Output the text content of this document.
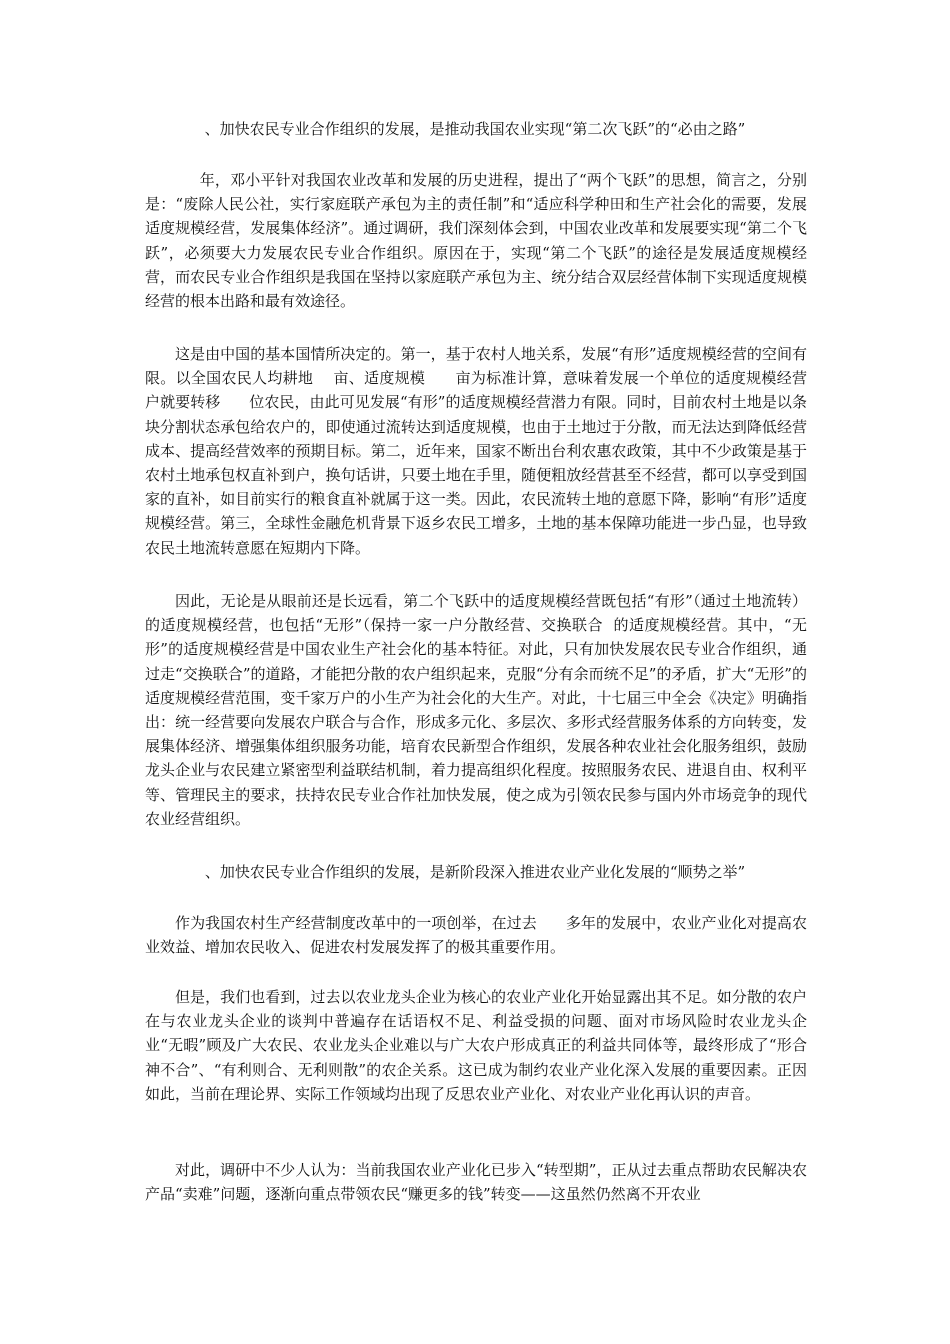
、加快农民专业合作组织的发展，是推动我国农业实现“第二次飞跃”的“必由之路”
年，邓小平针对我国农业改革和发展的历史进程，提出了“两个飞跃”的思想，简言之，分别是：“废除人民公社，实行家庭联产承包为主的责任制”和“适应科学种田和生产社会化的需要，发展适度规模经营，发展集体经济”。通过调研，我们深刻体会到，中国农业改革和发展要实现“第二个飞跃”，必须要大力发展农民专业合作组织。原因在于，实现“第二个飞跃”的途径是发展适度规模经营，而农民专业合作组织是我国在坚持以家庭联产承包为主、统分结合双层经营体制下实现适度规模经营的根本出路和最有效途径。
这是由中国的基本国情所决定的。第一，基于农村人地关系，发展“有形”适度规模经营的空间有限。以全国农民人均耕地    亩、适度规模      亩为标准计算，意味着发展一个单位的适度规模经营户就要转移      位农民，由此可见发展“有形”的适度规模经营潜力有限。同时，目前农村土地是以条块分割状态承包给农户的，即使通过流转达到适度规模，也由于土地过于分散，而无法达到降低经营成本、提高经营效率的预期目标。第二，近年来，国家不断出台利农惠农政策，其中不少政策是基于农村土地承包权直补到户，换句话讲，只要土地在手里，随便粗放经营甚至不经营，都可以享受到国家的直补，如目前实行的粮食直补就属于这一类。因此，农民流转土地的意愿下降，影响“有形”适度规模经营。第三，全球性金融危机背景下返乡农民工增多，土地的基本保障功能进一步凸显，也导致农民土地流转意愿在短期内下降。
因此，无论是从眼前还是长远看，第二个飞跃中的适度规模经营既包括“有形”（通过土地流转）的适度规模经营，也包括“无形”（保持一家一户分散经营、交换联合  的适度规模经营。其中，“无形”的适度规模经营是中国农业生产社会化的基本特征。对此，只有加快发展农民专业合作组织，通过走“交换联合”的道路，才能把分散的农户组织起来，克服“分有余而统不足”的矛盾，扩大“无形”的适度规模经营范围，变千家万户的小生产为社会化的大生产。对此，十七届三中全会《决定》明确指出：统一经营要向发展农户联合与合作，形成多元化、多层次、多形式经营服务体系的方向转变，发展集体经济、增强集体组织服务功能，培育农民新型合作组织，发展各种农业社会化服务组织，鼓励龙头企业与农民建立紧密型利益联结机制，着力提高组织化程度。按照服务农民、进退自由、权利平等、管理民主的要求，扶持农民专业合作社加快发展，使之成为引领农民参与国内外市场竞争的现代农业经营组织。
、加快农民专业合作组织的发展，是新阶段深入推进农业产业化发展的“顺势之举”
作为我国农村生产经营制度改革中的一项创举，在过去      多年的发展中，农业产业化对提高农业效益、增加农民收入、促进农村发展发挥了的极其重要作用。
但是，我们也看到，过去以农业龙头企业为核心的农业产业化开始显露出其不足。如分散的农户在与农业龙头企业的谈判中普遍存在话语权不足、利益受损的问题、面对市场风险时农业龙头企业“无暇”顾及广大农民、农业龙头企业难以与广大农户形成真正的利益共同体等，最终形成了“形合神不合”、“有利则合、无利则散”的农企关系。这已成为制约农业产业化深入发展的重要因素。正因如此，当前在理论界、实际工作领域均出现了反思农业产业化、对农业产业化再认识的声音。
对此，调研中不少人认为：当前我国农业产业化已步入“转型期”，正从过去重点帮助农民解决农产品“卖难”问题，逐渐向重点带领农民“赚更多的钱”转变——这虽然仍然离不开农业
